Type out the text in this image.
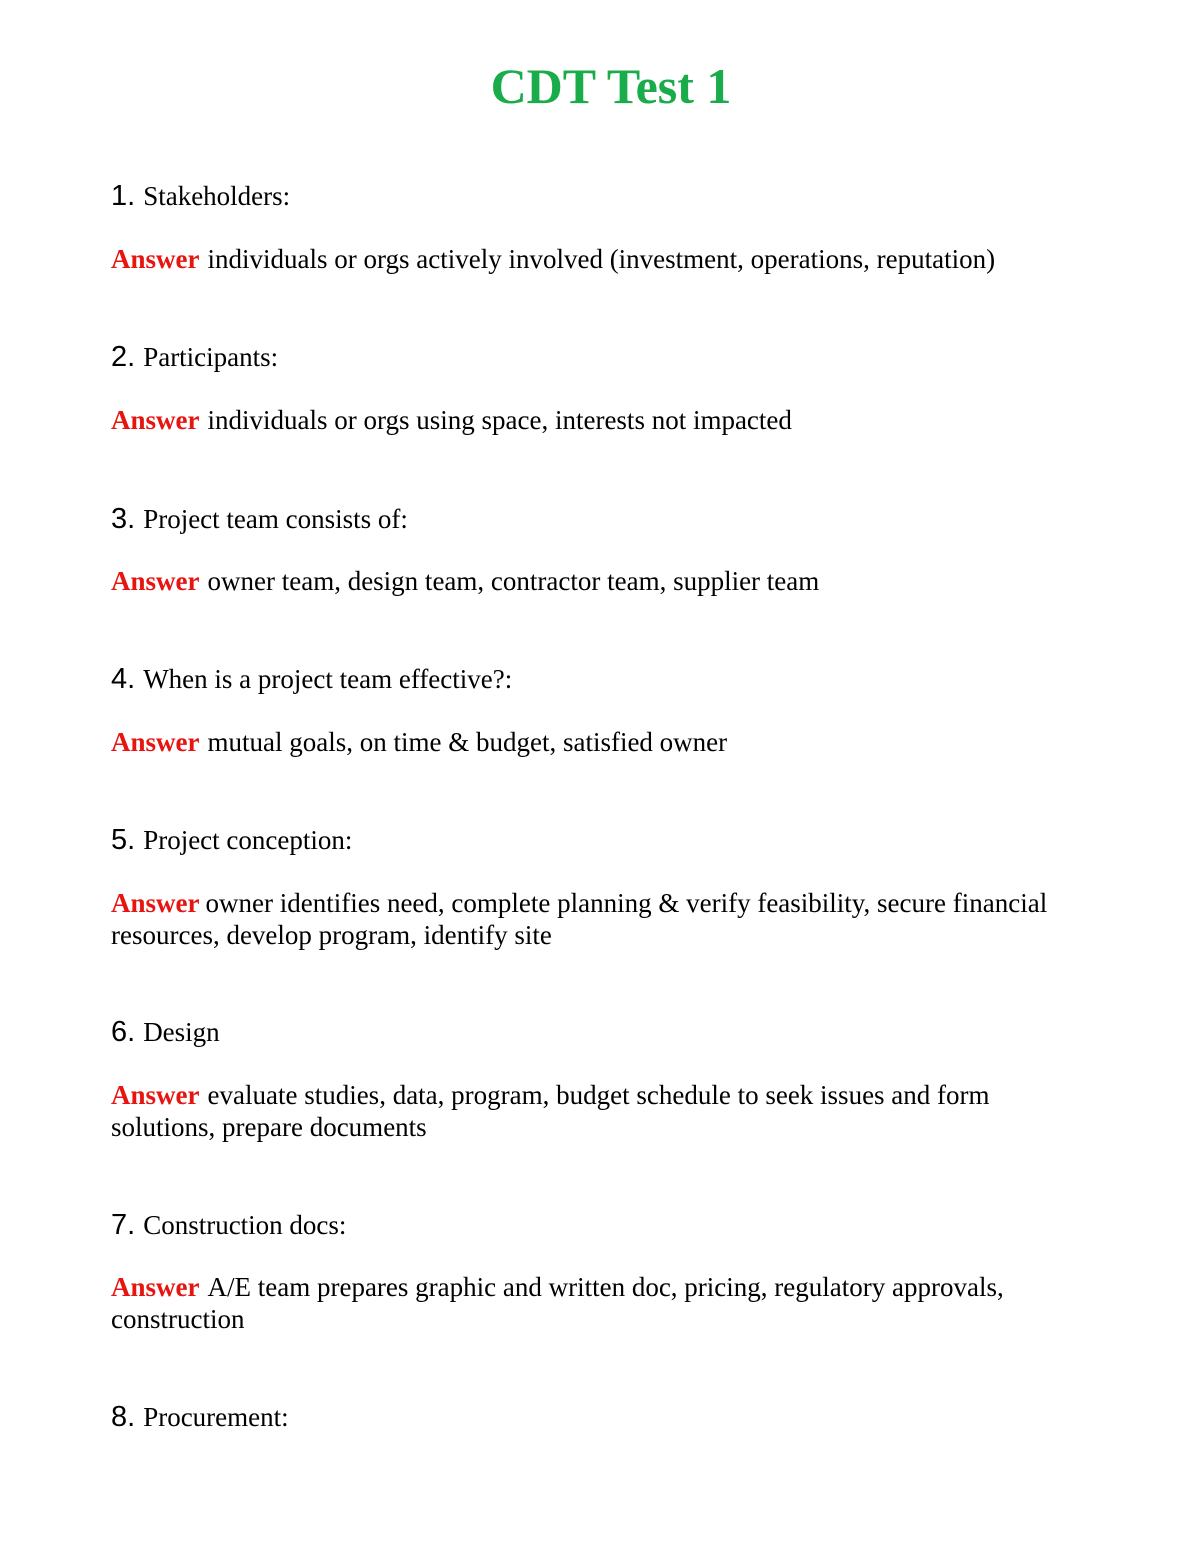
CDT Test 1
1. Stakeholders:
Answer individuals or orgs actively involved (investment, operations, reputation)
2. Participants:
Answer individuals or orgs using space, interests not impacted
3. Project team consists of:
Answer owner team, design team, contractor team, supplier team
4. When is a project team effective?:
Answer mutual goals, on time & budget, satisfied owner
5. Project conception:
Answer owner identifies need, complete planning & verify feasibility, secure financial resources, develop program, identify site
6. Design
Answer evaluate studies, data, program, budget schedule to seek issues and form solutions, prepare documents
7. Construction docs:
Answer A/E team prepares graphic and written doc, pricing, regulatory approvals, construction
8. Procurement:
